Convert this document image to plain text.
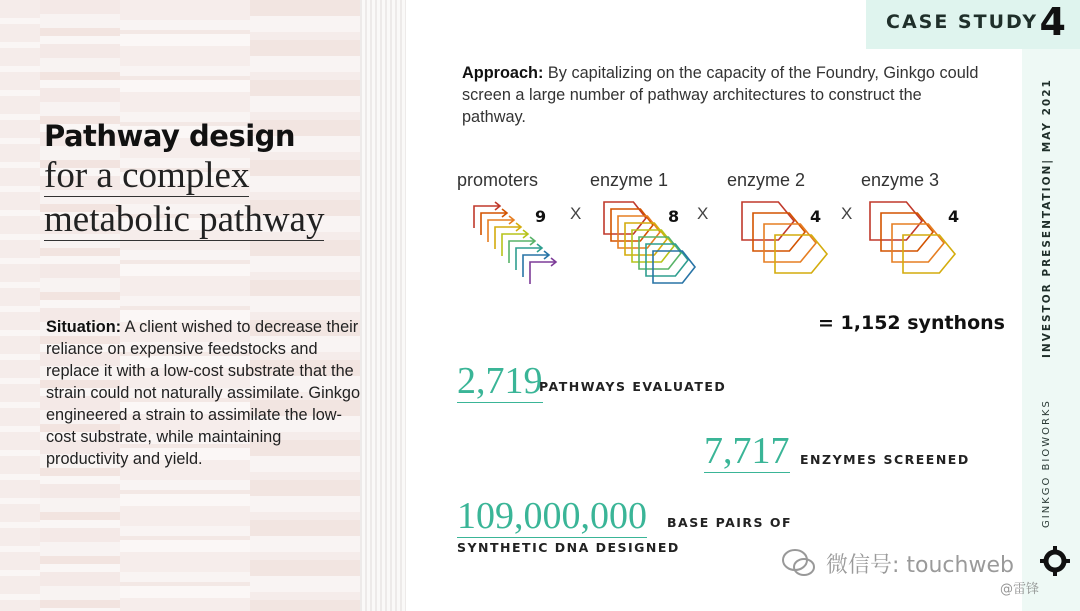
Pathway design
for a complex
metabolic pathway
Situation: A client wished to decrease their reliance on expensive feedstocks and replace it with a low-cost substrate that the strain could not naturally assimilate. Ginkgo engineered a strain to assimilate the low-cost substrate, while maintaining productivity and yield.
CASE STUDY 4
INVESTOR PRESENTATION| MAY 2021
GINKGO BIOWORKS
Approach: By capitalizing on the capacity of the Foundry, Ginkgo could screen a large number of pathway architectures to construct the pathway.
promoters	enzyme 1	enzyme 2	enzyme 3
9	8	4	4
X	X	X
= 1,152 synthons
2,719
PATHWAYS EVALUATED
7,717 ENZYMES SCREENED
109,000,000 BASE PAIRS OF
SYNTHETIC DNA DESIGNED
微信号: touchweb
@雷锋
